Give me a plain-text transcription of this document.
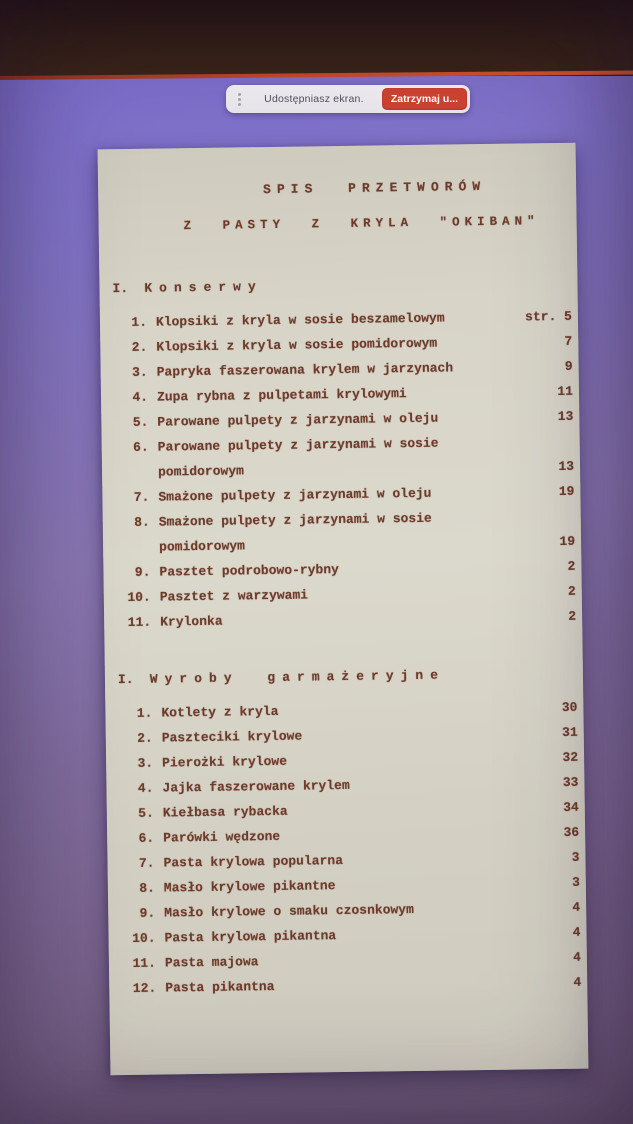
Udostępniasz ekran.	Zatrzymaj u...
SPIS PRZETWORÓW
Z PASTY Z KRYLA "OKIBAN"
I. Konserwy
1. Klopsiki z kryla w sosie beszamelowym	str. 5
2. Klopsiki z kryla w sosie pomidorowym	7
3. Papryka faszerowana krylem w jarzynach	9
4. Zupa rybna z pulpetami krylowymi	11
5. Parowane pulpety z jarzynami w oleju	13
6. Parowane pulpety z jarzynami w sosie
pomidorowym	13
7. Smażone pulpety z jarzynami w oleju	19
8. Smażone pulpety z jarzynami w sosie
pomidorowym	19
9. Pasztet podrobowo-rybny	2
10. Pasztet z warzywami	2
11. Krylonka	2
I. Wyroby garmażeryjne
1. Kotlety z kryla	30
2. Paszteciki krylowe	31
3. Pierożki krylowe	32
4. Jajka faszerowane krylem	33
5. Kiełbasa rybacka	34
6. Parówki wędzone	36
7. Pasta krylowa popularna	3
8. Masło krylowe pikantne	3
9. Masło krylowe o smaku czosnkowym	4
10. Pasta krylowa pikantna	4
11. Pasta majowa	4
12. Pasta pikantna	4
